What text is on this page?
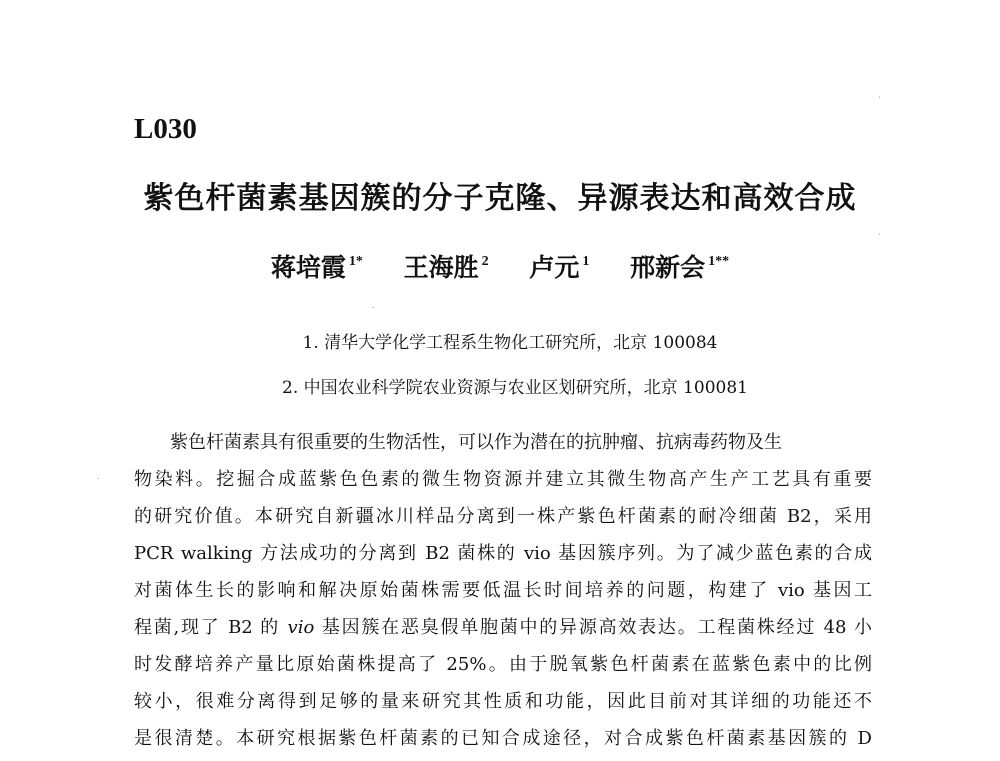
L030
紫色杆菌素基因簇的分子克隆、异源表达和高效合成
蒋培霞 $^{1*}$ 王海胜 $^2$ 卢元 $^1$ 邢新会 $^{1**}$
1. 清华大学化学工程系生物化工研究所，北京 100084
2. 中国农业科学院农业资源与农业区划研究所，北京 100081
紫色杆菌素具有很重要的生物活性，可以作为潜在的抗肿瘤、抗病毒药物及生
物染料。挖掘合成蓝紫色色素的微生物资源并建立其微生物高产生产工艺具有重要
的研究价值。本研究自新疆冰川样品分离到一株产紫色杆菌素的耐冷细菌 B2，采用
PCR walking 方法成功的分离到 B2 菌株的 vio 基因簇序列。为了减少蓝色素的合成
对菌体生长的影响和解决原始菌株需要低温长时间培养的问题，构建了 vio 基因工
程菌,现了 B2 的 vio 基因簇在恶臭假单胞菌中的异源高效表达。工程菌株经过 48 小
时发酵培养产量比原始菌株提高了 25%。由于脱氧紫色杆菌素在蓝紫色素中的比例
较小，很难分离得到足够的量来研究其性质和功能，因此目前对其详细的功能还不
是很清楚。本研究根据紫色杆菌素的已知合成途径，对合成紫色杆菌素基因簇的 D
